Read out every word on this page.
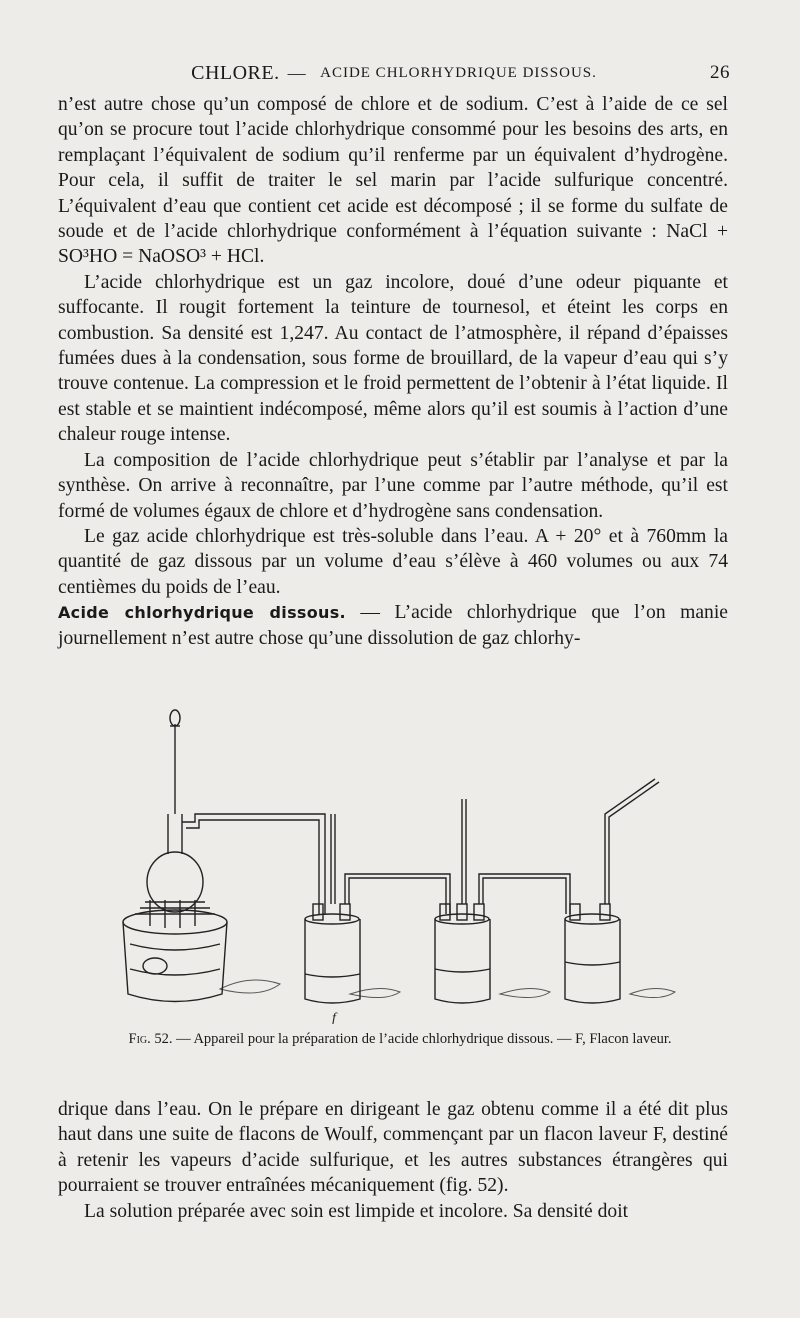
CHLORE. — ACIDE CHLORHYDRIQUE DISSOUS.	26

n’est autre chose qu’un composé de chlore et de sodium. C’est à l’aide de ce sel qu’on se procure tout l’acide chlorhydrique consommé pour les besoins des arts, en remplaçant l’équivalent de sodium qu’il renferme par un équivalent d’hydrogène. Pour cela, il suffit de traiter le sel marin par l’acide sulfurique concentré. L’équivalent d’eau que contient cet acide est décomposé ; il se forme du sulfate de soude et de l’acide chlorhydrique conformément à l’équation suivante : NaCl + SO³HO = NaOSO³ + HCl.

L’acide chlorhydrique est un gaz incolore, doué d’une odeur piquante et suffocante. Il rougit fortement la teinture de tournesol, et éteint les corps en combustion. Sa densité est 1,247. Au contact de l’atmosphère, il répand d’épaisses fumées dues à la condensation, sous forme de brouillard, de la vapeur d’eau qui s’y trouve contenue. La compression et le froid permettent de l’obtenir à l’état liquide. Il est stable et se maintient indécomposé, même alors qu’il est soumis à l’action d’une chaleur rouge intense.

La composition de l’acide chlorhydrique peut s’établir par l’analyse et par la synthèse. On arrive à reconnaître, par l’une comme par l’autre méthode, qu’il est formé de volumes égaux de chlore et d’hydrogène sans condensation.

Le gaz acide chlorhydrique est très-soluble dans l’eau. A + 20° et à 760mm la quantité de gaz dissous par un volume d’eau s’élève à 460 volumes ou aux 74 centièmes du poids de l’eau.

Acide chlorhydrique dissous. — L’acide chlorhydrique que l’on manie journellement n’est autre chose qu’une dissolution de gaz chlorhy-

f
Fig. 52. — Appareil pour la préparation de l’acide chlorhydrique dissous. — F, Flacon laveur.

drique dans l’eau. On le prépare en dirigeant le gaz obtenu comme il a été dit plus haut dans une suite de flacons de Woulf, commençant par un flacon laveur F, destiné à retenir les vapeurs d’acide sulfurique, et les autres substances étrangères qui pourraient se trouver entraînées mécaniquement (fig. 52).

La solution préparée avec soin est limpide et incolore. Sa densité doit
